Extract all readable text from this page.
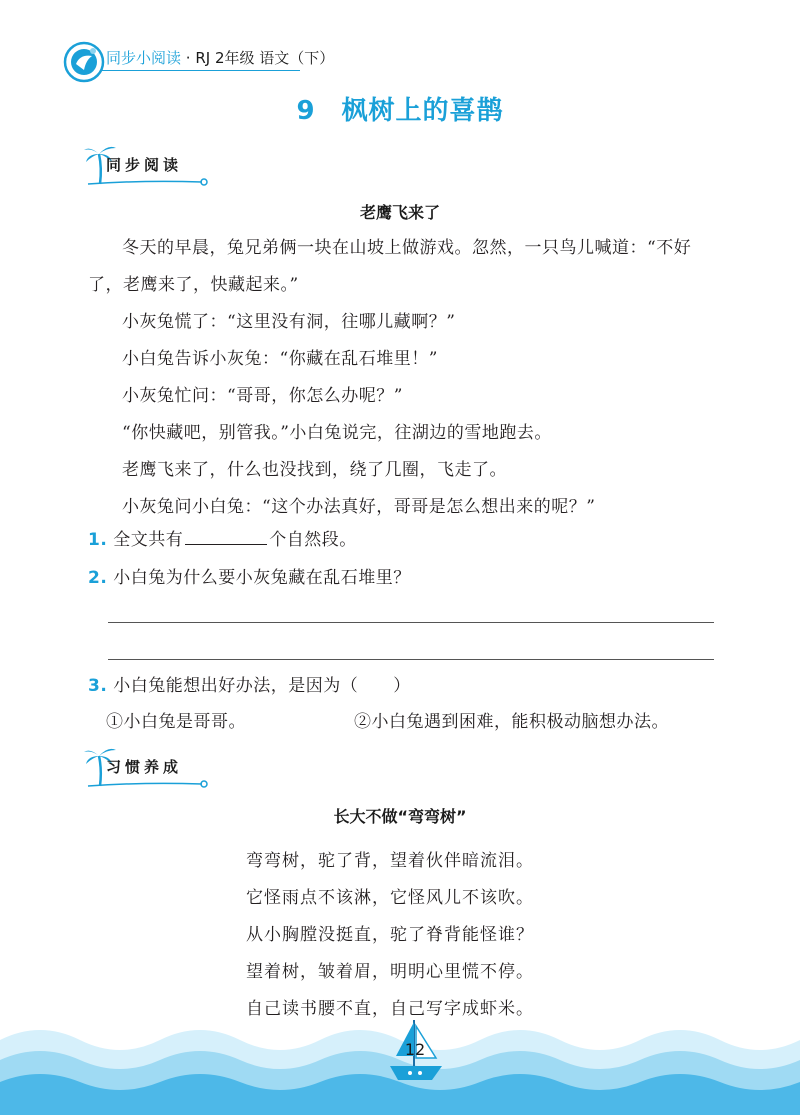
同步小阅读 · RJ 2年级 语文（下）
9 枫树上的喜鹊
同步阅读
老鹰飞来了
冬天的早晨，兔兄弟俩一块在山坡上做游戏。忽然，一只鸟儿喊道：“不好了，老鹰来了，快藏起来。”
小灰兔慌了：“这里没有洞，往哪儿藏啊？”
小白兔告诉小灰兔：“你藏在乱石堆里！”
小灰兔忙问：“哥哥，你怎么办呢？”
“你快藏吧，别管我。”小白兔说完，往湖边的雪地跑去。
老鹰飞来了，什么也没找到，绕了几圈，飞走了。
小灰兔问小白兔：“这个办法真好，哥哥是怎么想出来的呢？”
1. 全文共有	个自然段。
2. 小白兔为什么要小灰兔藏在乱石堆里？
3. 小白兔能想出好办法，是因为（　　）
①小白兔是哥哥。	②小白兔遇到困难，能积极动脑想办法。
习惯养成
长大不做“弯弯树”
弯弯树，驼了背，望着伙伴暗流泪。
它怪雨点不该淋，它怪风儿不该吹。
从小胸膛没挺直，驼了脊背能怪谁？
望着树，皱着眉，明明心里慌不停。
自己读书腰不直，自己写字成虾米。
12
